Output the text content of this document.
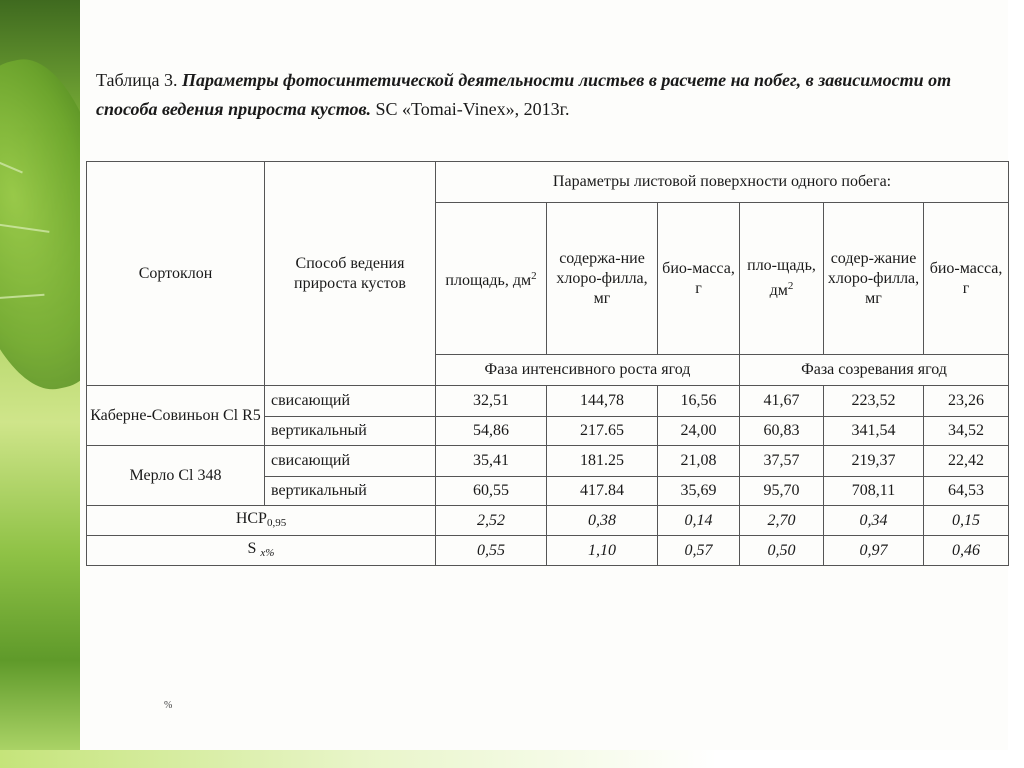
Таблица 3. Параметры фотосинтетической деятельности листьев в расчете на побег, в зависимости от способа ведения прироста кустов. SC «Tomai-Vinex», 2013г.
Сортоклон	Способ ведения прироста кустов	Параметры листовой поверхности одного побега:					
		площадь, $дм^2$	содержа-ние хлоро-филла, мг	био-масса, г	пло-щадь, $дм^2$	содер-жание хлоро-филла, мг	био-масса, г
		Фаза интенсивного роста ягод			Фаза созревания ягод		
Каберне-Совиньон Cl R5	свисающий	32,51	144,78	16,56	41,67	223,52	23,26
	вертикальный	54,86	217.65	24,00	60,83	341,54	34,52
Мерло Cl 348	свисающий	35,41	181.25	21,08	37,57	219,37	22,42
	вертикальный	60,55	417.84	35,69	95,70	708,11	64,53
$НСР_{0,95}$		2,52	0,38	0,14	2,70	0,34	0,15
S $_{x\%}$		0,55	1,10	0,57	0,50	0,97	0,46
%
